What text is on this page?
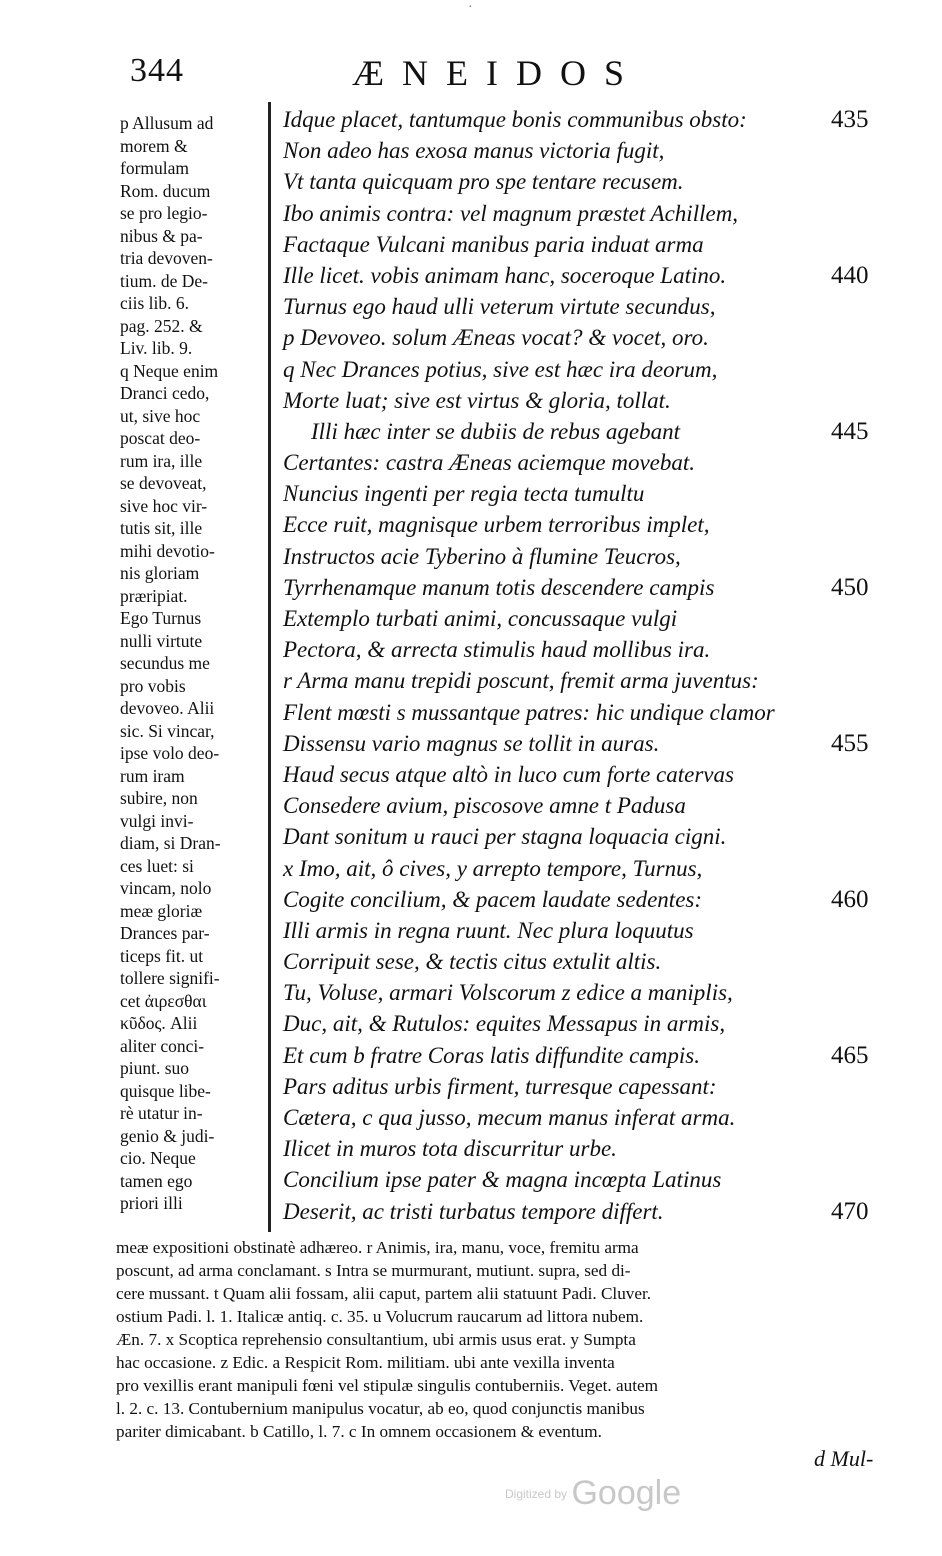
·
344	ÆNEIDOS
p Allusum ad
morem &
formulam
Rom. ducum
se pro legio-
nibus & pa-
tria devoven-
tium. de De-
ciis lib. 6.
pag. 252. &
Liv. lib. 9.
q Neque enim
Dranci cedo,
ut, sive hoc
poscat deo-
rum ira, ille
se devoveat,
sive hoc vir-
tutis sit, ille
mihi devotio-
nis gloriam
præripiat.
Ego Turnus
nulli virtute
secundus me
pro vobis
devoveo. Alii
sic. Si vincar,
ipse volo deo-
rum iram
subire, non
vulgi invi-
diam, si Dran-
ces luet: si
vincam, nolo
meæ gloriæ
Drances par-
ticeps fit. ut
tollere signifi-
cet ἀιρεσθαι
κῦδος. Alii
aliter conci-
piunt. suo
quisque libe-
rè utatur in-
genio & judi-
cio. Neque
tamen ego
priori illi
Idque placet, tantumque bonis communibus obsto:	435
Non adeo has exosa manus victoria fugit,
Vt tanta quicquam pro spe tentare recusem.
Ibo animis contra: vel magnum præstet Achillem,
Factaque Vulcani manibus paria induat arma
Ille licet. vobis animam hanc, soceroque Latino.	440
Turnus ego haud ulli veterum virtute secundus,
p Devoveo. solum Æneas vocat? & vocet, oro.
q Nec Drances potius, sive est hæc ira deorum,
Morte luat; sive est virtus & gloria, tollat.
Illi hæc inter se dubiis de rebus agebant	445
Certantes: castra Æneas aciemque movebat.
Nuncius ingenti per regia tecta tumultu
Ecce ruit, magnisque urbem terroribus implet,
Instructos acie Tyberino à flumine Teucros,
Tyrrhenamque manum totis descendere campis	450
Extemplo turbati animi, concussaque vulgi
Pectora, & arrecta stimulis haud mollibus ira.
r Arma manu trepidi poscunt, fremit arma juventus:
Flent mœsti s mussantque patres: hic undique clamor
Dissensu vario magnus se tollit in auras.	455
Haud secus atque altò in luco cum forte catervas
Consedere avium, piscosove amne t Padusa
Dant sonitum u rauci per stagna loquacia cigni.
x Imo, ait, ô cives, y arrepto tempore, Turnus,
Cogite concilium, & pacem laudate sedentes:	460
Illi armis in regna ruunt. Nec plura loquutus
Corripuit sese, & tectis citus extulit altis.
Tu, Voluse, armari Volscorum z edice a maniplis,
Duc, ait, & Rutulos: equites Messapus in armis,
Et cum b fratre Coras latis diffundite campis.	465
Pars aditus urbis firment, turresque capessant:
Cætera, c qua jusso, mecum manus inferat arma.
Ilicet in muros tota discurritur urbe.
Concilium ipse pater & magna incœpta Latinus
Deserit, ac tristi turbatus tempore differt.	470
meæ expositioni obstinatè adhæreo. r Animis, ira, manu, voce, fremitu arma
poscunt, ad arma conclamant. s Intra se murmurant, mutiunt. supra, sed di-
cere mussant. t Quam alii fossam, alii caput, partem alii statuunt Padi. Cluver.
ostium Padi. l. 1. Italicæ antiq. c. 35. u Volucrum raucarum ad littora nubem.
Æn. 7. x Scoptica reprehensio consultantium, ubi armis usus erat. y Sumpta
hac occasione. z Edic. a Respicit Rom. militiam. ubi ante vexilla inventa
pro vexillis erant manipuli fœni vel stipulæ singulis contuberniis. Veget. autem
l. 2. c. 13. Contubernium manipulus vocatur, ab eo, quod conjunctis manibus
pariter dimicabant. b Catillo, l. 7. c In omnem occasionem & eventum.
d Mul-
$^{Digitized by}$ Google
